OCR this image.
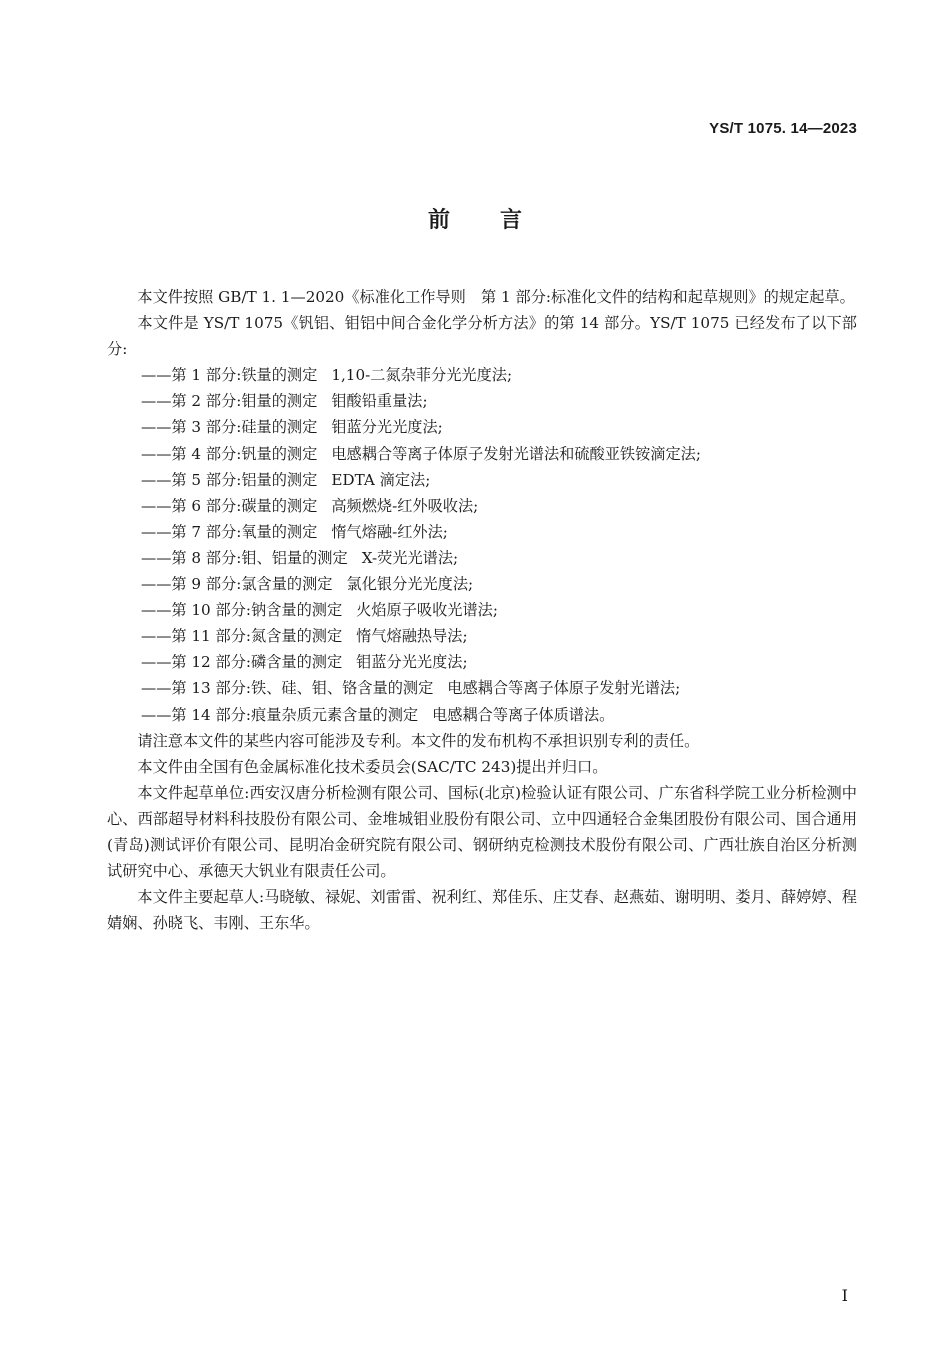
YS/T 1075. 14—2023
前 言

本文件按照 GB/T 1. 1—2020《标准化工作导则　第 1 部分:标准化文件的结构和起草规则》的规定起草。

本文件是 YS/T 1075《钒铝、钼铝中间合金化学分析方法》的第 14 部分。YS/T 1075 已经发布了以下部分:

——第 1 部分:铁量的测定 1,10-二氮杂菲分光光度法;
——第 2 部分:钼量的测定 钼酸铅重量法;
——第 3 部分:硅量的测定 钼蓝分光光度法;
——第 4 部分:钒量的测定 电感耦合等离子体原子发射光谱法和硫酸亚铁铵滴定法;
——第 5 部分:铝量的测定 EDTA 滴定法;
——第 6 部分:碳量的测定 高频燃烧-红外吸收法;
——第 7 部分:氧量的测定 惰气熔融-红外法;
——第 8 部分:钼、铝量的测定 X-荧光光谱法;
——第 9 部分:氯含量的测定 氯化银分光光度法;
——第 10 部分:钠含量的测定 火焰原子吸收光谱法;
——第 11 部分:氮含量的测定 惰气熔融热导法;
——第 12 部分:磷含量的测定 钼蓝分光光度法;
——第 13 部分:铁、硅、钼、铬含量的测定 电感耦合等离子体原子发射光谱法;
——第 14 部分:痕量杂质元素含量的测定 电感耦合等离子体质谱法。

请注意本文件的某些内容可能涉及专利。本文件的发布机构不承担识别专利的责任。

本文件由全国有色金属标准化技术委员会(SAC/TC 243)提出并归口。

本文件起草单位:西安汉唐分析检测有限公司、国标(北京)检验认证有限公司、广东省科学院工业分析检测中心、西部超导材料科技股份有限公司、金堆城钼业股份有限公司、立中四通轻合金集团股份有限公司、国合通用(青岛)测试评价有限公司、昆明冶金研究院有限公司、钢研纳克检测技术股份有限公司、广西壮族自治区分析测试研究中心、承德天大钒业有限责任公司。

本文件主要起草人:马晓敏、禄妮、刘雷雷、祝利红、郑佳乐、庄艾春、赵燕茹、谢明明、娄月、薛婷婷、程婧娴、孙晓飞、韦刚、王东华。

I
